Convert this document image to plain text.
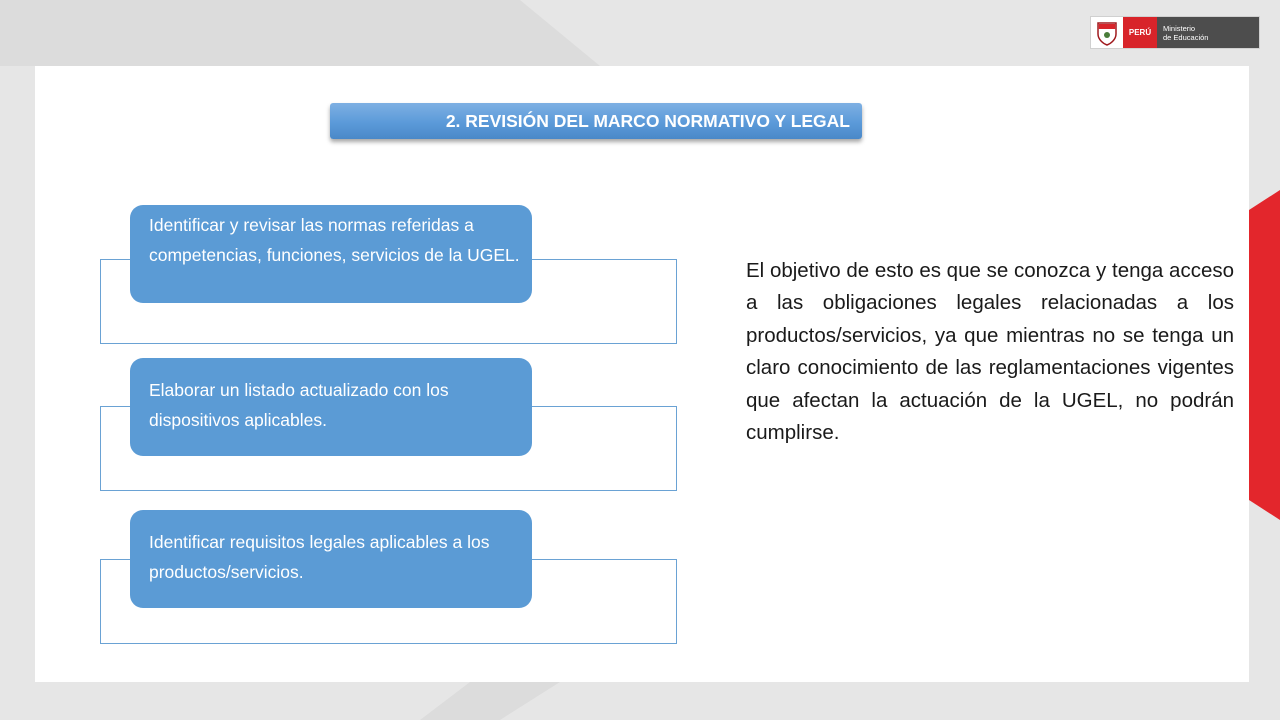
PERÚ	Ministerio
de Educación
2. REVISIÓN DEL MARCO NORMATIVO Y LEGAL
Identificar y revisar las normas referidas a competencias, funciones, servicios de la UGEL.
Elaborar un listado actualizado con los dispositivos aplicables.
Identificar requisitos legales aplicables a los productos/servicios.
El objetivo de esto es que se conozca y tenga acceso a las obligaciones legales relacionadas a los productos/servicios, ya que mientras no se tenga un claro conocimiento de las reglamentaciones vigentes que afectan la actuación de la UGEL, no podrán cumplirse.
